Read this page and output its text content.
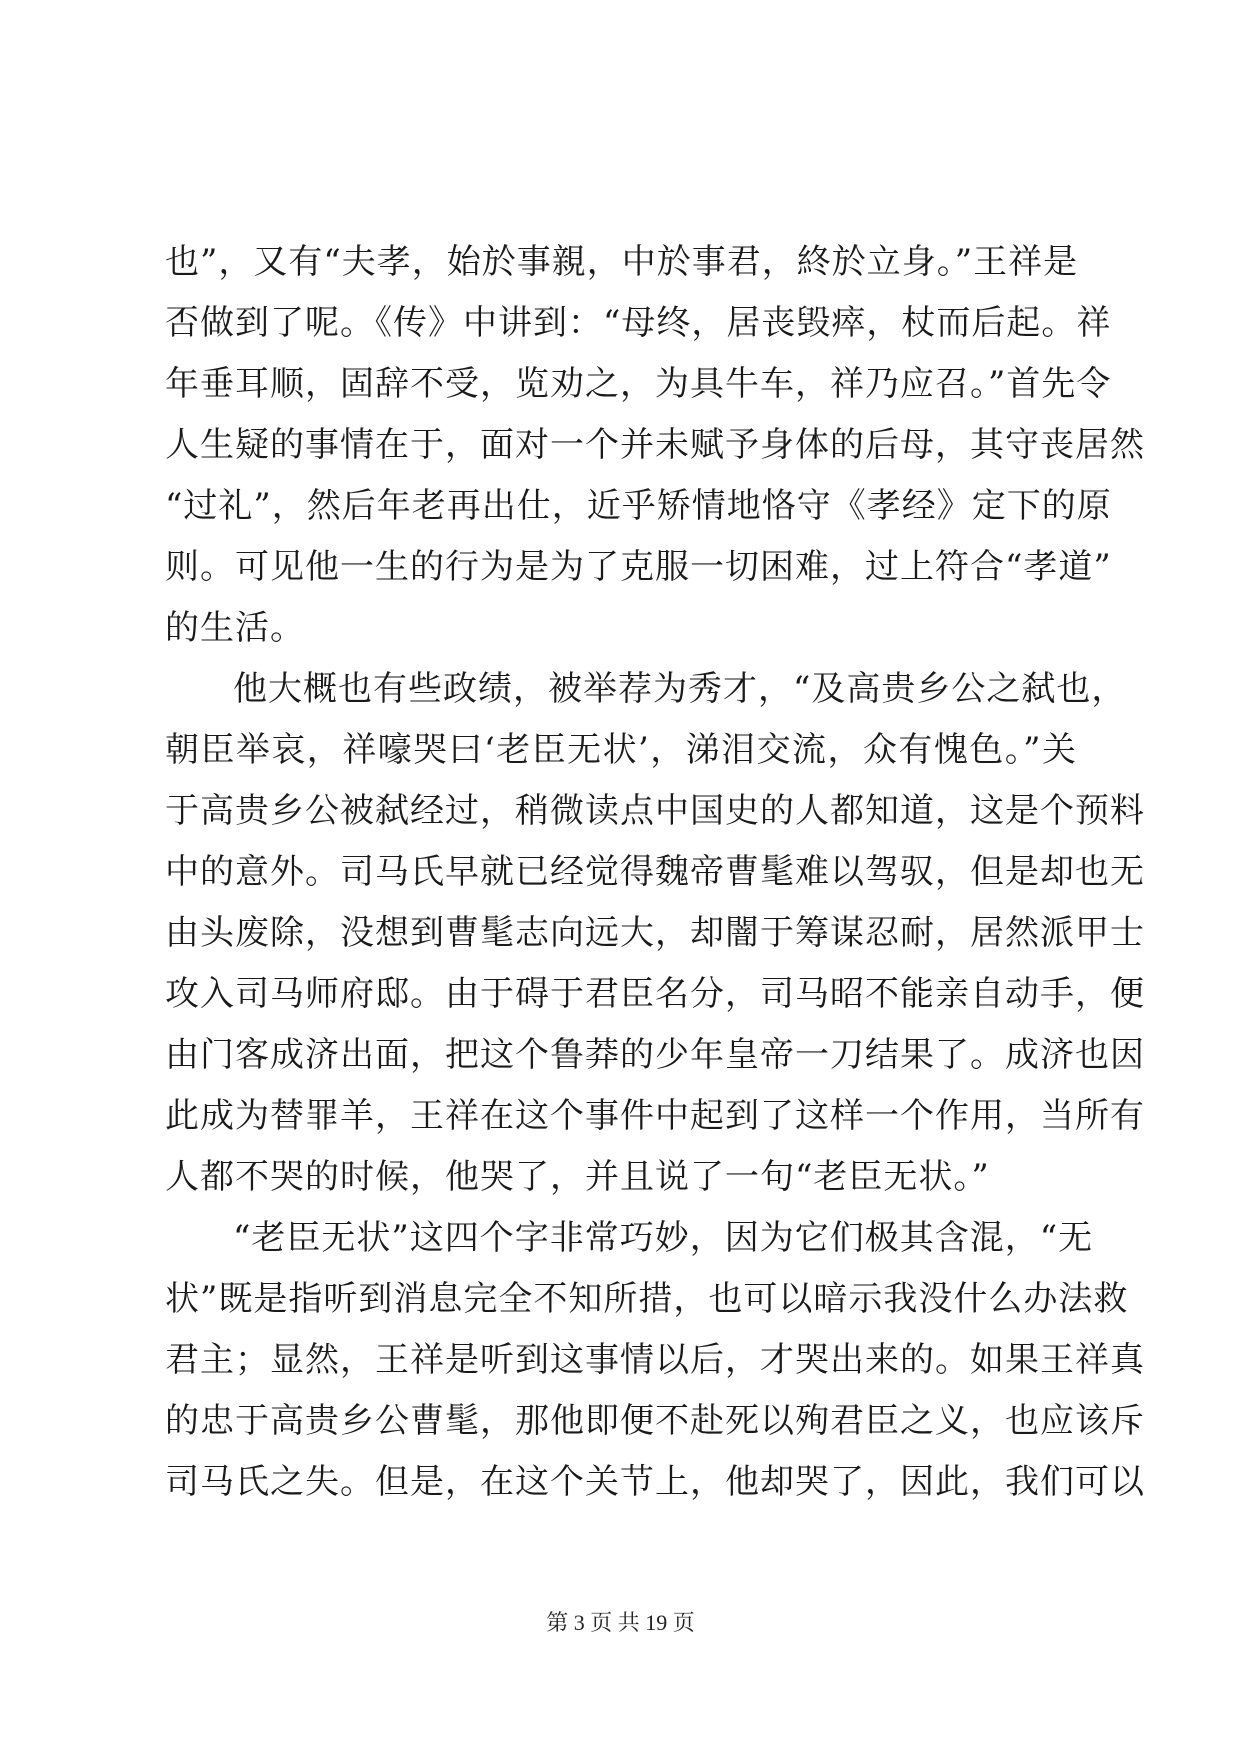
也”，又有“夫孝，始於事親，中於事君，終於立身。”王祥是
否做到了呢。《传》中讲到：“母终，居丧毁瘁，杖而后起。祥
年垂耳顺，固辞不受，览劝之，为具牛车，祥乃应召。”首先令
人生疑的事情在于，面对一个并未赋予身体的后母，其守丧居然
“过礼”，然后年老再出仕，近乎矫情地恪守《孝经》定下的原
则。可见他一生的行为是为了克服一切困难，过上符合“孝道”
的生活。
他大概也有些政绩，被举荐为秀才，“及高贵乡公之弑也，
朝臣举哀，祥嚎哭曰‘老臣无状’，涕泪交流，众有愧色。”关
于高贵乡公被弑经过，稍微读点中国史的人都知道，这是个预料
中的意外。司马氏早就已经觉得魏帝曹髦难以驾驭，但是却也无
由头废除，没想到曹髦志向远大，却闇于筹谋忍耐，居然派甲士
攻入司马师府邸。由于碍于君臣名分，司马昭不能亲自动手，便
由门客成济出面，把这个鲁莽的少年皇帝一刀结果了。成济也因
此成为替罪羊，王祥在这个事件中起到了这样一个作用，当所有
人都不哭的时候，他哭了，并且说了一句“老臣无状。”
“老臣无状”这四个字非常巧妙，因为它们极其含混，“无
状”既是指听到消息完全不知所措，也可以暗示我没什么办法救
君主；显然，王祥是听到这事情以后，才哭出来的。如果王祥真
的忠于高贵乡公曹髦，那他即便不赴死以殉君臣之义，也应该斥
司马氏之失。但是，在这个关节上，他却哭了，因此，我们可以
第 3 页 共 19 页
